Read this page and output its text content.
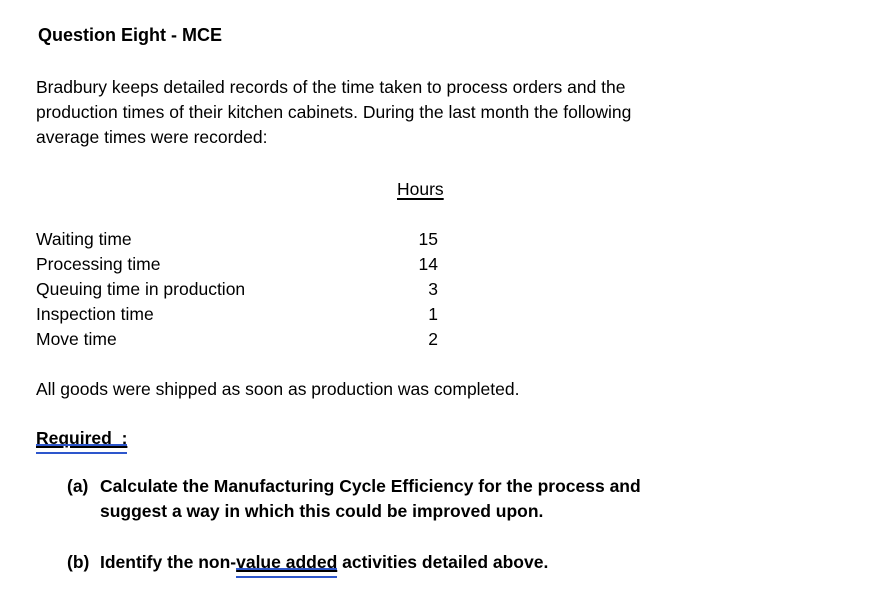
Question Eight - MCE

Bradbury keeps detailed records of the time taken to process orders and the
production times of their kitchen cabinets. During the last month the following
average times were recorded:

Hours
Waiting time	15
Processing time	14
Queuing time in production	3
Inspection time	1
Move time	2

All goods were shipped as soon as production was completed.

Required  :
(a) Calculate the Manufacturing Cycle Efficiency for the process and
suggest a way in which this could be improved upon.
(b) Identify the non-value added activities detailed above.
